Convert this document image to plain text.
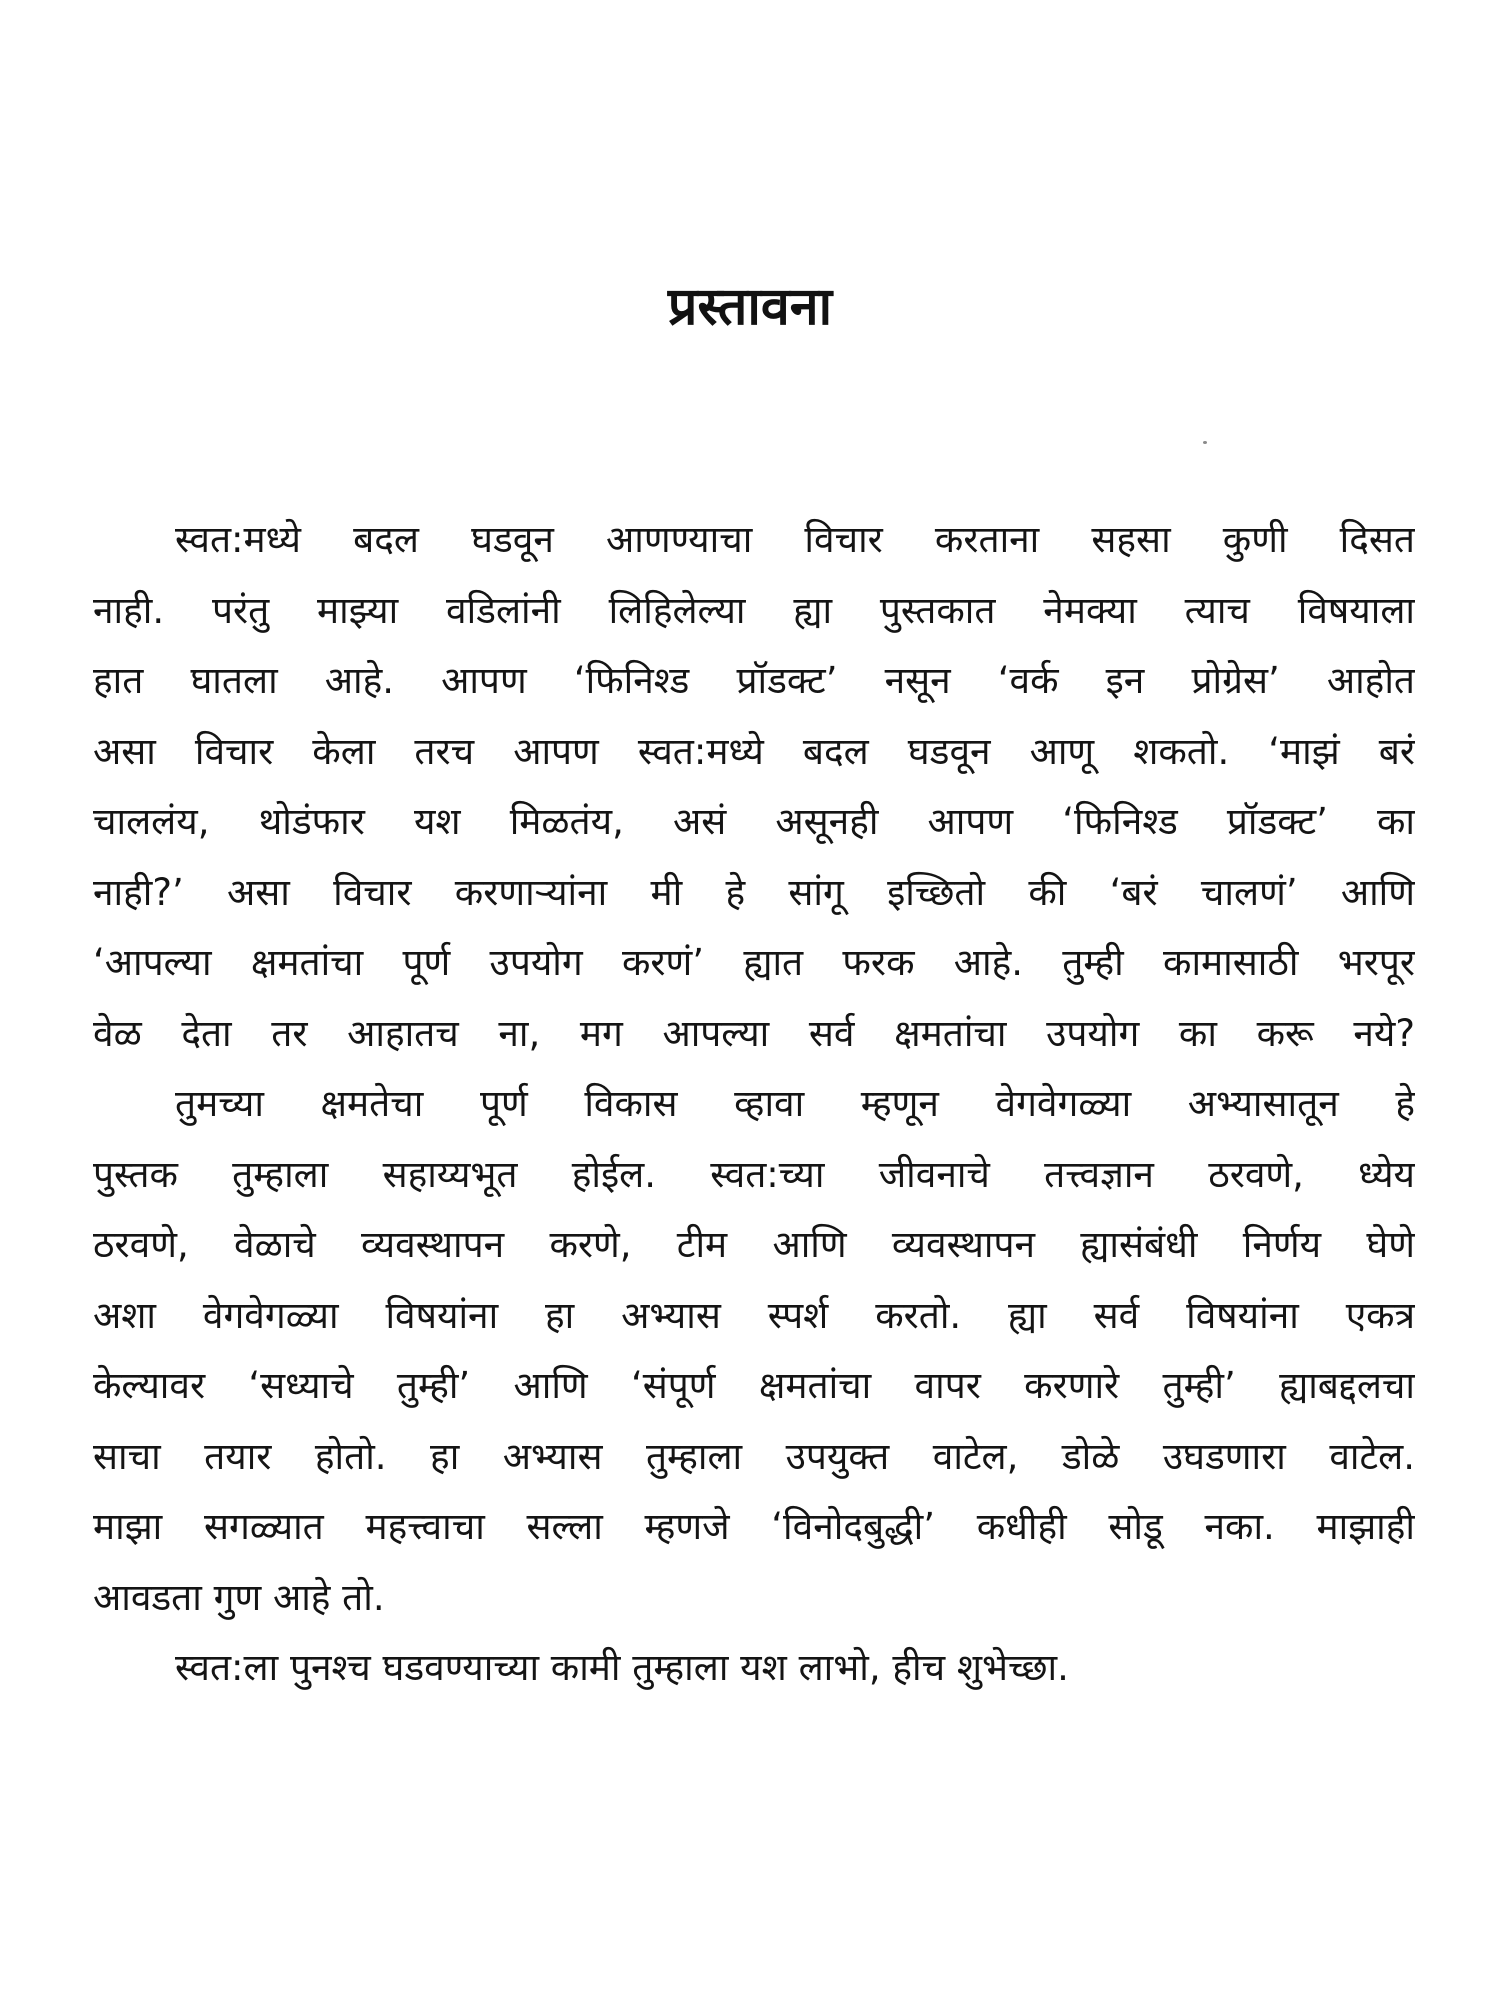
प्रस्तावना
स्वत:मध्ये बदल घडवून आणण्याचा विचार करताना सहसा कुणी दिसत
नाही. परंतु माझ्या वडिलांनी लिहिलेल्या ह्या पुस्तकात नेमक्या त्याच विषयाला
हात घातला आहे. आपण ‘फिनिश्ड प्रॉडक्ट’ नसून ‘वर्क इन प्रोग्रेस’ आहोत
असा विचार केला तरच आपण स्वत:मध्ये बदल घडवून आणू शकतो. ‘माझं बरं
चाललंय, थोडंफार यश मिळतंय, असं असूनही आपण ‘फिनिश्ड प्रॉडक्ट’ का
नाही?’ असा विचार करणाऱ्यांना मी हे सांगू इच्छितो की ‘बरं चालणं’ आणि
‘आपल्या क्षमतांचा पूर्ण उपयोग करणं’ ह्यात फरक आहे. तुम्ही कामासाठी भरपूर
वेळ देता तर आहातच ना, मग आपल्या सर्व क्षमतांचा उपयोग का करू नये?
तुमच्या क्षमतेचा पूर्ण विकास व्हावा म्हणून वेगवेगळ्या अभ्यासातून हे
पुस्तक तुम्हाला सहाय्यभूत होईल. स्वत:च्या जीवनाचे तत्त्वज्ञान ठरवणे, ध्येय
ठरवणे, वेळाचे व्यवस्थापन करणे, टीम आणि व्यवस्थापन ह्यासंबंधी निर्णय घेणे
अशा वेगवेगळ्या विषयांना हा अभ्यास स्पर्श करतो. ह्या सर्व विषयांना एकत्र
केल्यावर ‘सध्याचे तुम्ही’ आणि ‘संपूर्ण क्षमतांचा वापर करणारे तुम्ही’ ह्याबद्दलचा
साचा तयार होतो. हा अभ्यास तुम्हाला उपयुक्त वाटेल, डोळे उघडणारा वाटेल.
माझा सगळ्यात महत्त्वाचा सल्ला म्हणजे ‘विनोदबुद्धी’ कधीही सोडू नका. माझाही
आवडता गुण आहे तो.
स्वत:ला पुनश्च घडवण्याच्या कामी तुम्हाला यश लाभो, हीच शुभेच्छा.
